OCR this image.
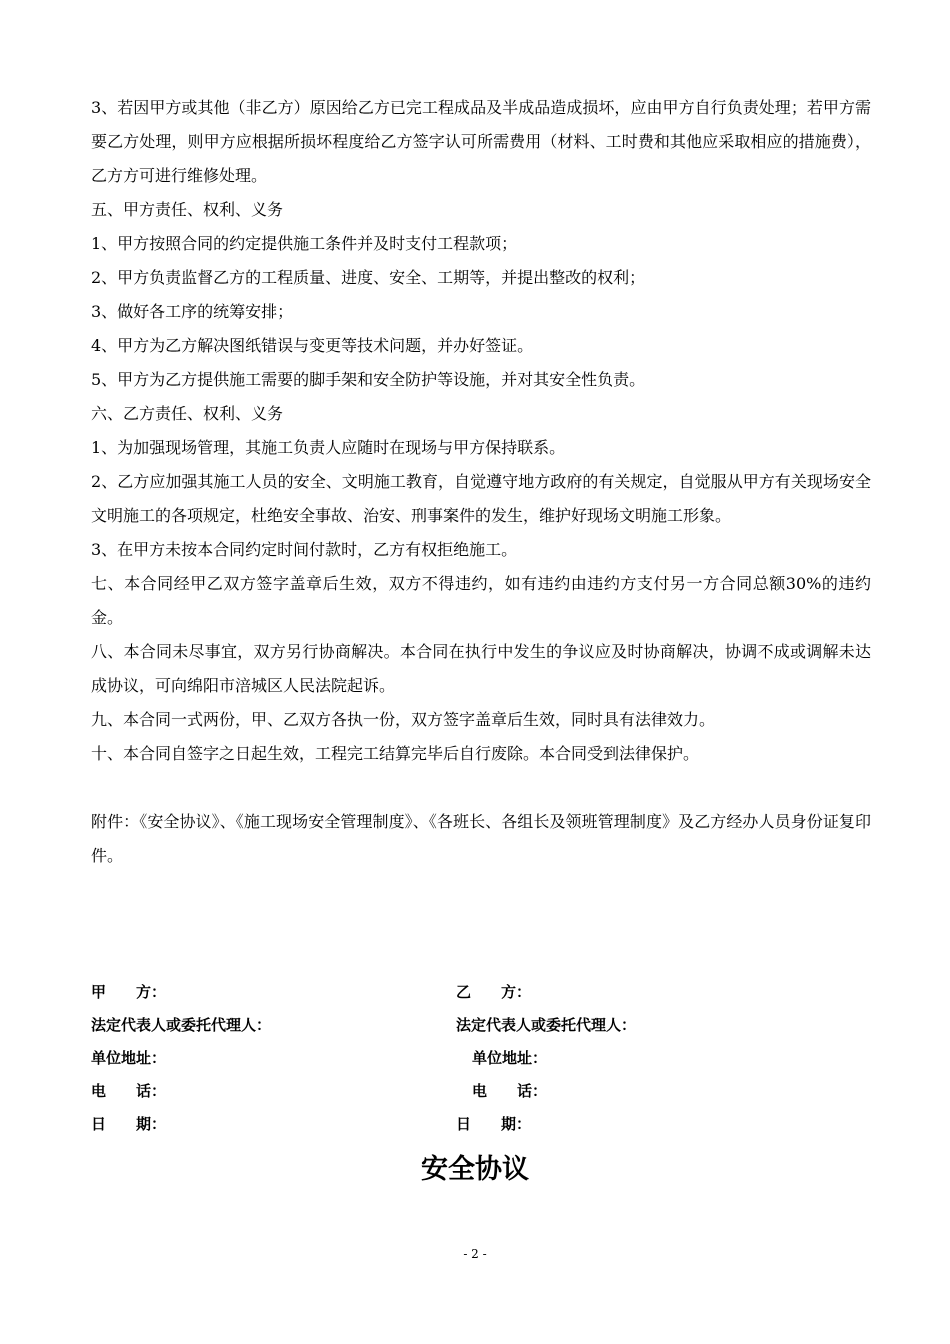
3、若因甲方或其他（非乙方）原因给乙方已完工程成品及半成品造成损坏，应由甲方自行负责处理；若甲方需要乙方处理，则甲方应根据所损坏程度给乙方签字认可所需费用（材料、工时费和其他应采取相应的措施费），乙方方可进行维修处理。

五、甲方责任、权利、义务

1、甲方按照合同的约定提供施工条件并及时支付工程款项；

2、甲方负责监督乙方的工程质量、进度、安全、工期等，并提出整改的权利；

3、做好各工序的统筹安排；

4、甲方为乙方解决图纸错误与变更等技术问题，并办好签证。

5、甲方为乙方提供施工需要的脚手架和安全防护等设施，并对其安全性负责。

六、乙方责任、权利、义务

1、为加强现场管理，其施工负责人应随时在现场与甲方保持联系。

2、乙方应加强其施工人员的安全、文明施工教育，自觉遵守地方政府的有关规定，自觉服从甲方有关现场安全文明施工的各项规定，杜绝安全事故、治安、刑事案件的发生，维护好现场文明施工形象。

3、在甲方未按本合同约定时间付款时，乙方有权拒绝施工。

七、本合同经甲乙双方签字盖章后生效，双方不得违约，如有违约由违约方支付另一方合同总额30%的违约金。

八、本合同未尽事宜，双方另行协商解决。本合同在执行中发生的争议应及时协商解决，协调不成或调解未达成协议，可向绵阳市涪城区人民法院起诉。

九、本合同一式两份，甲、乙双方各执一份，双方签字盖章后生效，同时具有法律效力。

十、本合同自签字之日起生效，工程完工结算完毕后自行废除。本合同受到法律保护。

附件：《安全协议》、《施工现场安全管理制度》、《各班长、各组长及领班管理制度》及乙方经办人员身份证复印件。

甲　　方：
法定代表人或委托代理人：
单位地址：
电　　话：
日　　期：
乙　　方：
法定代表人或委托代理人：
单位地址：
电　　话：
日　　期：
安全协议
- 2 -
